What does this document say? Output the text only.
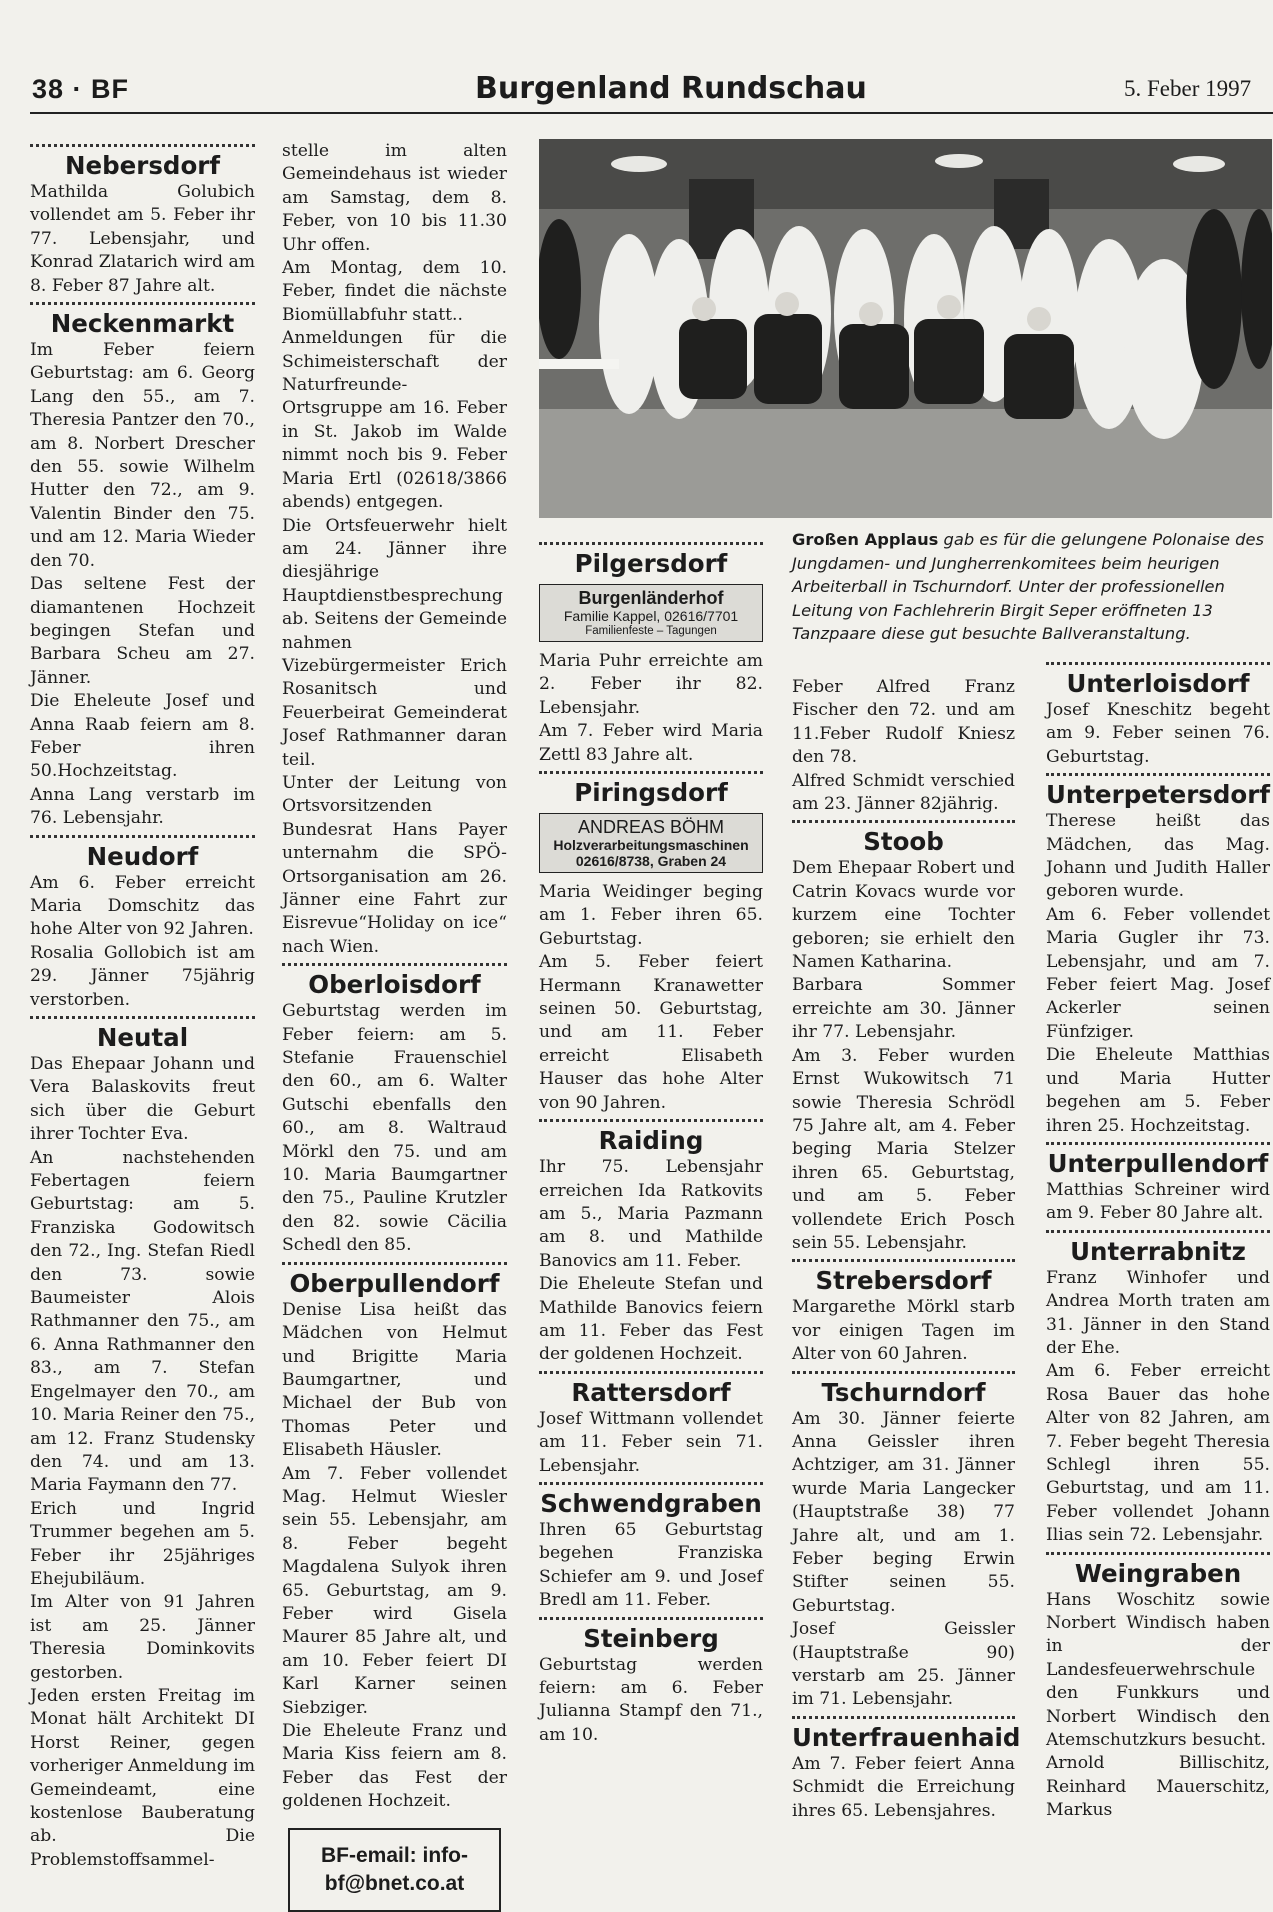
38 · BF	Burgenland Rundschau	5. Feber 1997
Nebersdorf

Mathilda Golubich vollendet am 5. Feber ihr 77. Lebensjahr, und Konrad Zlatarich wird am 8. Feber 87 Jahre alt.

Neckenmarkt

Im Feber feiern Geburtstag: am 6. Georg Lang den 55., am 7. Theresia Pantzer den 70., am 8. Norbert Drescher den 55. sowie Wilhelm Hutter den 72., am 9. Valentin Binder den 75. und am 12. Maria Wieder den 70.

Das seltene Fest der diamantenen Hochzeit begingen Stefan und Barbara Scheu am 27. Jänner.

Die Eheleute Josef und Anna Raab feiern am 8. Feber ihren 50.Hochzeitstag.

Anna Lang verstarb im 76. Lebensjahr.

Neudorf

Am 6. Feber erreicht Maria Domschitz das hohe Alter von 92 Jahren.

Rosalia Gollobich ist am 29. Jänner 75jährig verstorben.

Neutal

Das Ehepaar Johann und Vera Balaskovits freut sich über die Geburt ihrer Tochter Eva.

An nachstehenden Febertagen feiern Geburtstag: am 5. Franziska Godowitsch den 72., Ing. Stefan Riedl den 73. sowie Baumeister Alois Rathmanner den 75., am 6. Anna Rathmanner den 83., am 7. Stefan Engelmayer den 70., am 10. Maria Reiner den 75., am 12. Franz Studensky den 74. und am 13. Maria Faymann den 77.

Erich und Ingrid Trummer begehen am 5. Feber ihr 25jähriges Ehejubiläum.

Im Alter von 91 Jahren ist am 25. Jänner Theresia Dominkovits gestorben.

Jeden ersten Freitag im Monat hält Architekt DI Horst Reiner, gegen vorheriger Anmeldung im Gemeindeamt, eine kostenlose Bauberatung ab. Die Problemstoffsammel-

stelle im alten Gemeindehaus ist wieder am Samstag, dem 8. Feber, von 10 bis 11.30 Uhr offen.

Am Montag, dem 10. Feber, findet die nächste Biomüllabfuhr statt..

Anmeldungen für die Schimeisterschaft der Naturfreunde-Ortsgruppe am 16. Feber in St. Jakob im Walde nimmt noch bis 9. Feber Maria Ertl (02618/3866 abends) entgegen.

Die Ortsfeuerwehr hielt am 24. Jänner ihre diesjährige Hauptdienstbesprechung ab. Seitens der Gemeinde nahmen Vizebürgermeister Erich Rosanitsch und Feuerbeirat Gemeinderat Josef Rathmanner daran teil.

Unter der Leitung von Ortsvorsitzenden Bundesrat Hans Payer unternahm die SPÖ-Ortsorganisation am 26. Jänner eine Fahrt zur Eisrevue“Holiday on ice“ nach Wien.

Oberloisdorf

Geburtstag werden im Feber feiern: am 5. Stefanie Frauenschiel den 60., am 6. Walter Gutschi ebenfalls den 60., am 8. Waltraud Mörkl den 75. und am 10. Maria Baumgartner den 75., Pauline Krutzler den 82. sowie Cäcilia Schedl den 85.

Oberpullendorf

Denise Lisa heißt das Mädchen von Helmut und Brigitte Maria Baumgartner, und Michael der Bub von Thomas Peter und Elisabeth Häusler.

Am 7. Feber vollendet Mag. Helmut Wiesler sein 55. Lebensjahr, am 8. Feber begeht Magdalena Sulyok ihren 65. Geburtstag, am 9. Feber wird Gisela Maurer 85 Jahre alt, und am 10. Feber feiert DI Karl Karner seinen Siebziger.

Die Eheleute Franz und Maria Kiss feiern am 8. Feber das Fest der goldenen Hochzeit.

BF-email: info-
bf@bnet.co.at
Großen Applaus gab es für die gelungene Polonaise des Jungdamen- und Jungherrenkomitees beim heurigen Arbeiterball in Tschurndorf. Unter der professionellen Leitung von Fachlehrerin Birgit Seper eröffneten 13 Tanzpaare diese gut besuchte Ballveranstaltung.
Pilgersdorf
Burgenländerhof
Familie Kappel, 02616/7701
Familienfeste – Tagungen

Maria Puhr erreichte am 2. Feber ihr 82. Lebensjahr.

Am 7. Feber wird Maria Zettl 83 Jahre alt.

Piringsdorf
ANDREAS BÖHM
Holzverarbeitungsmaschinen
02616/8738, Graben 24

Maria Weidinger beging am 1. Feber ihren 65. Geburtstag.

Am 5. Feber feiert Hermann Kranawetter seinen 50. Geburtstag, und am 11. Feber erreicht Elisabeth Hauser das hohe Alter von 90 Jahren.

Raiding

Ihr 75. Lebensjahr erreichen Ida Ratkovits am 5., Maria Pazmann am 8. und Mathilde Banovics am 11. Feber.

Die Eheleute Stefan und Mathilde Banovics feiern am 11. Feber das Fest der goldenen Hochzeit.

Rattersdorf

Josef Wittmann vollendet am 11. Feber sein 71. Lebensjahr.

Schwendgraben

Ihren 65 Geburtstag begehen Franziska Schiefer am 9. und Josef Bredl am 11. Feber.

Steinberg

Geburtstag werden feiern: am 6. Feber Julianna Stampf den 71., am 10.

Feber Alfred Franz Fischer den 72. und am 11.Feber Rudolf Kniesz den 78.

Alfred Schmidt verschied am 23. Jänner 82jährig.

Stoob

Dem Ehepaar Robert und Catrin Kovacs wurde vor kurzem eine Tochter geboren; sie erhielt den Namen Katharina.

Barbara Sommer erreichte am 30. Jänner ihr 77. Lebensjahr.

Am 3. Feber wurden Ernst Wukowitsch 71 sowie Theresia Schrödl 75 Jahre alt, am 4. Feber beging Maria Stelzer ihren 65. Geburtstag, und am 5. Feber vollendete Erich Posch sein 55. Lebensjahr.

Strebersdorf

Margarethe Mörkl starb vor einigen Tagen im Alter von 60 Jahren.

Tschurndorf

Am 30. Jänner feierte Anna Geissler ihren Achtziger, am 31. Jänner wurde Maria Langecker (Hauptstraße 38) 77 Jahre alt, und am 1. Feber beging Erwin Stifter seinen 55. Geburtstag.

Josef Geissler (Hauptstraße 90) verstarb am 25. Jänner im 71. Lebensjahr.

Unterfrauenhaid

Am 7. Feber feiert Anna Schmidt die Erreichung ihres 65. Lebensjahres.

Unterloisdorf

Josef Kneschitz begeht am 9. Feber seinen 76. Geburtstag.

Unterpetersdorf

Therese heißt das Mädchen, das Mag. Johann und Judith Haller geboren wurde.

Am 6. Feber vollendet Maria Gugler ihr 73. Lebensjahr, und am 7. Feber feiert Mag. Josef Ackerler seinen Fünfziger.

Die Eheleute Matthias und Maria Hutter begehen am 5. Feber ihren 25. Hochzeitstag.

Unterpullendorf

Matthias Schreiner wird am 9. Feber 80 Jahre alt.

Unterrabnitz

Franz Winhofer und Andrea Morth traten am 31. Jänner in den Stand der Ehe.

Am 6. Feber erreicht Rosa Bauer das hohe Alter von 82 Jahren, am 7. Feber begeht Theresia Schlegl ihren 55. Geburtstag, und am 11. Feber vollendet Johann Ilias sein 72. Lebensjahr.

Weingraben

Hans Woschitz sowie Norbert Windisch haben in der Landesfeuerwehrschule den Funkkurs und Norbert Windisch den Atemschutzkurs besucht.

Arnold Billischitz, Reinhard Mauerschitz, Markus
